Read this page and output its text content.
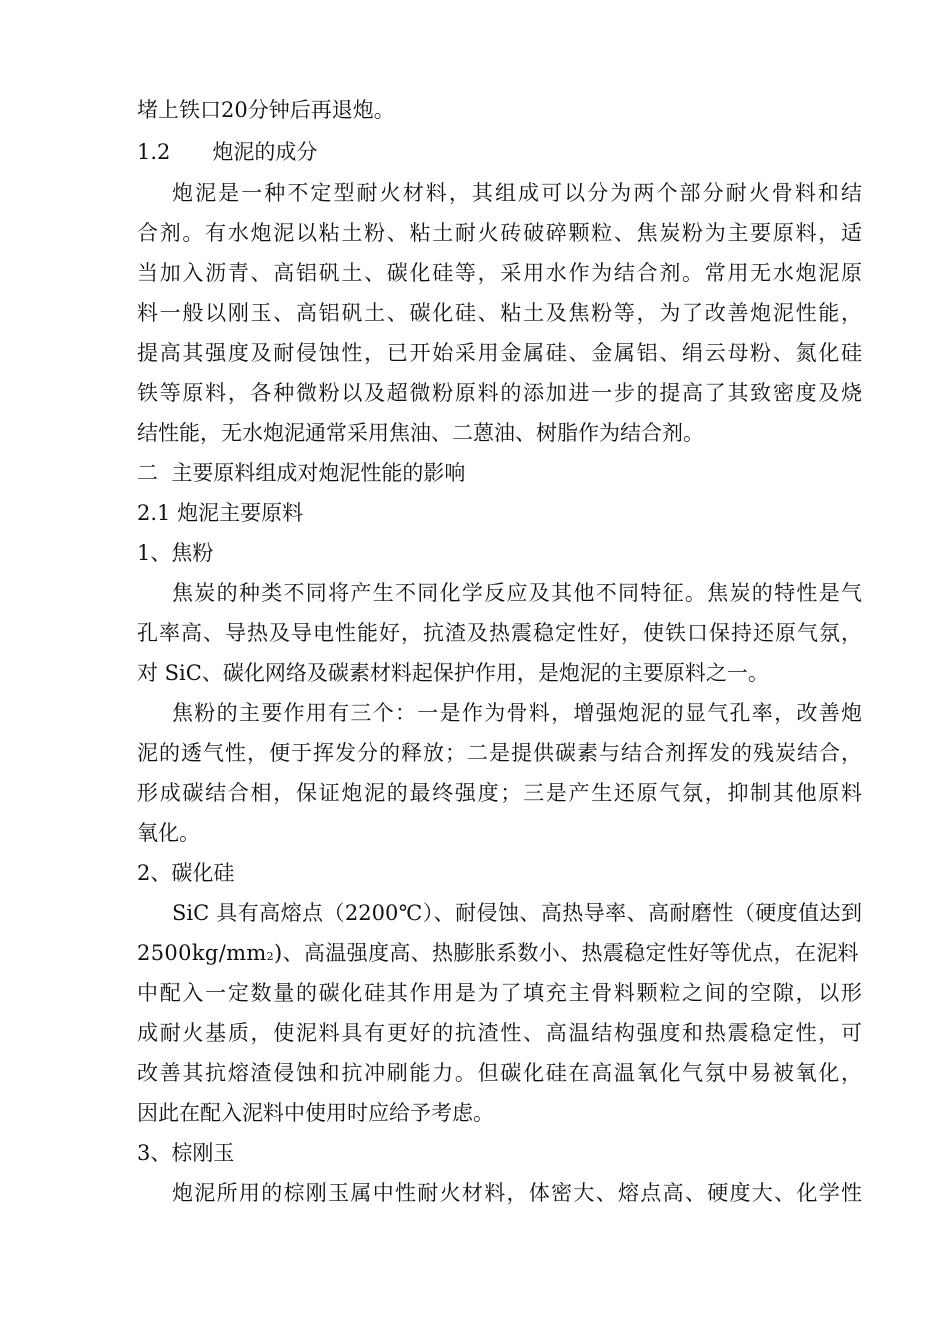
堵上铁口20分钟后再退炮。
1.2　　炮泥的成分
炮泥是一种不定型耐火材料，其组成可以分为两个部分耐火骨料和结
合剂。有水炮泥以粘土粉、粘土耐火砖破碎颗粒、焦炭粉为主要原料，适
当加入沥青、高铝矾土、碳化硅等，采用水作为结合剂。常用无水炮泥原
料一般以刚玉、高铝矾土、碳化硅、粘土及焦粉等，为了改善炮泥性能，
提高其强度及耐侵蚀性，已开始采用金属硅、金属铝、绢云母粉、氮化硅
铁等原料，各种微粉以及超微粉原料的添加进一步的提高了其致密度及烧
结性能，无水炮泥通常采用焦油、二蒽油、树脂作为结合剂。
二  主要原料组成对炮泥性能的影响
2.1 炮泥主要原料
1、焦粉
焦炭的种类不同将产生不同化学反应及其他不同特征。焦炭的特性是气
孔率高、导热及导电性能好，抗渣及热震稳定性好，使铁口保持还原气氛，
对 SiC、碳化网络及碳素材料起保护作用，是炮泥的主要原料之一。
焦粉的主要作用有三个：一是作为骨料，增强炮泥的显气孔率，改善炮
泥的透气性，便于挥发分的释放；二是提供碳素与结合剂挥发的残炭结合，
形成碳结合相，保证炮泥的最终强度；三是产生还原气氛，抑制其他原料
氧化。
2、碳化硅
SiC 具有高熔点（2200℃）、耐侵蚀、高热导率、高耐磨性（硬度值达到
2500kg/mm2)、高温强度高、热膨胀系数小、热震稳定性好等优点，在泥料
中配入一定数量的碳化硅其作用是为了填充主骨料颗粒之间的空隙，以形
成耐火基质，使泥料具有更好的抗渣性、高温结构强度和热震稳定性，可
改善其抗熔渣侵蚀和抗冲刷能力。但碳化硅在高温氧化气氛中易被氧化，
因此在配入泥料中使用时应给予考虑。
3、棕刚玉
炮泥所用的棕刚玉属中性耐火材料，体密大、熔点高、硬度大、化学性
